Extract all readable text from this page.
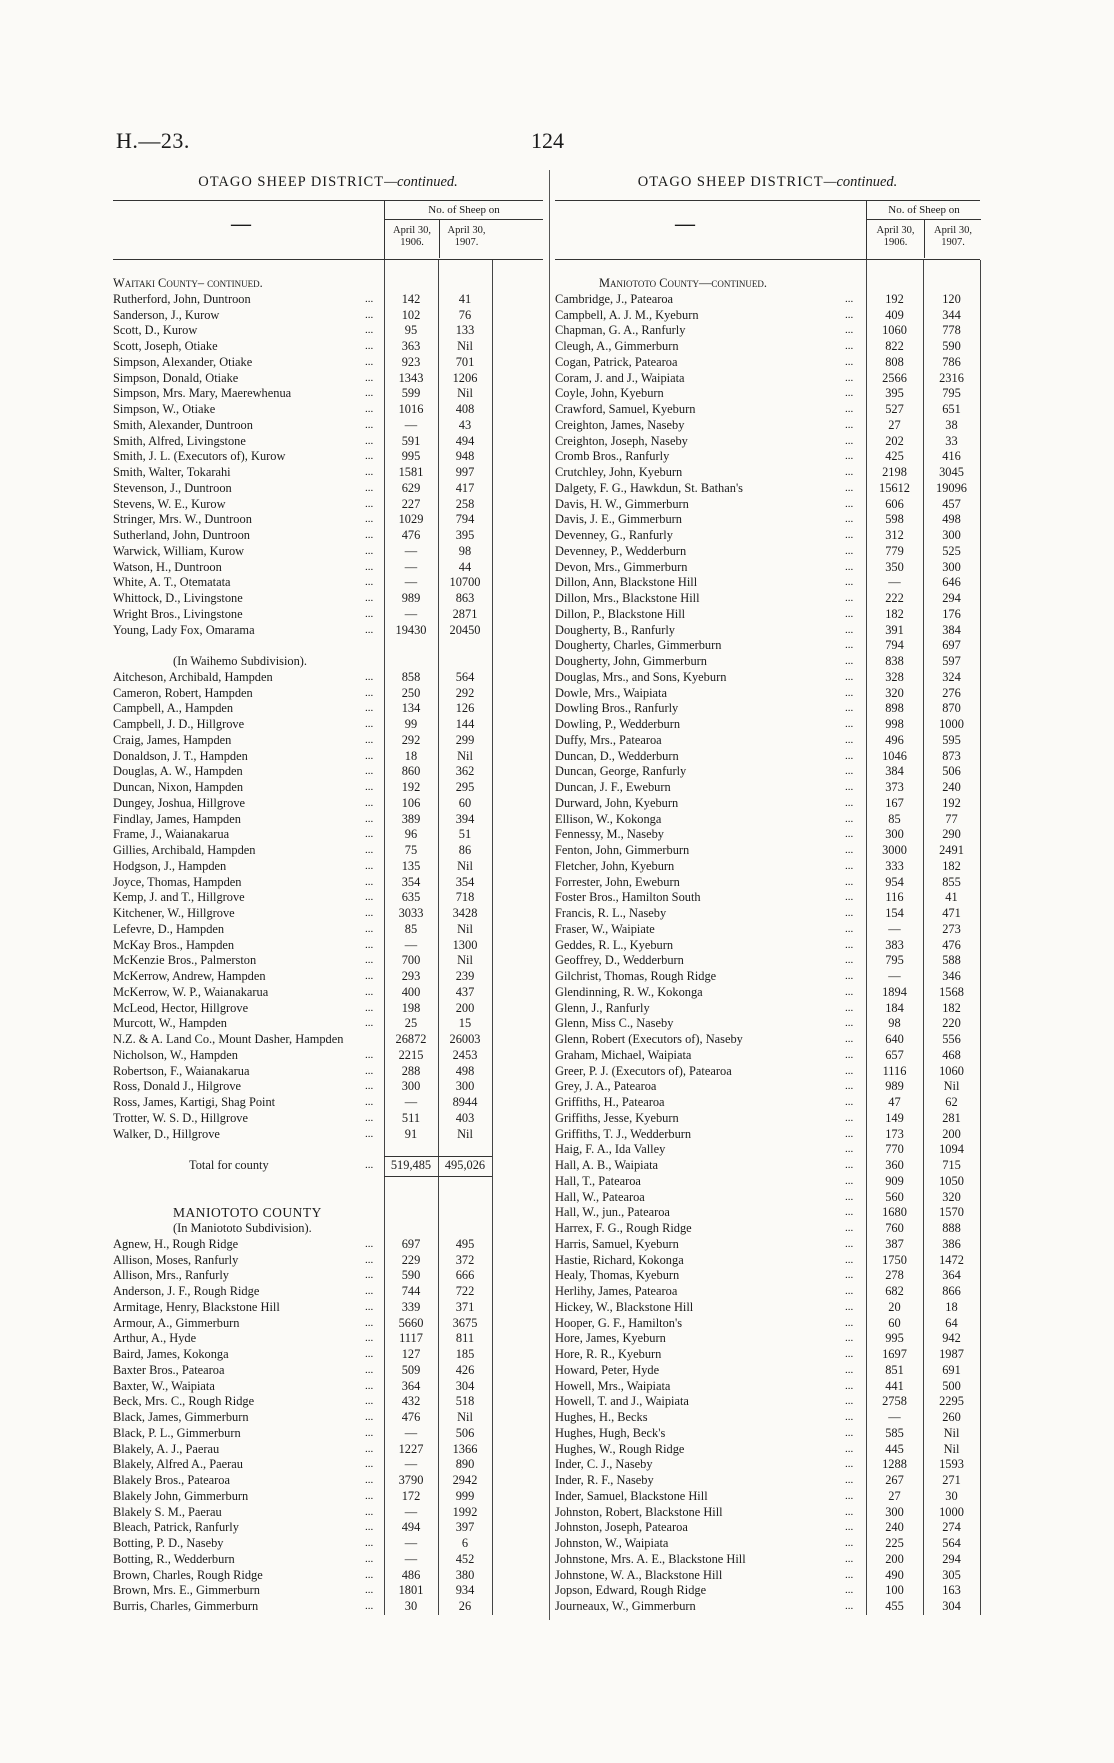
H.—23.	124
OTAGO SHEEP DISTRICT—continued.
—
No. of Sheep on
April 30,
1906.
April 30,
1907.
Waitaki County– continued.
Rutherford, John, Duntroon	...	142	41
Sanderson, J., Kurow	...	102	76
Scott, D., Kurow	...	95	133
Scott, Joseph, Otiake	...	363	Nil
Simpson, Alexander, Otiake	...	923	701
Simpson, Donald, Otiake	...	1343	1206
Simpson, Mrs. Mary, Maerewhenua	...	599	Nil
Simpson, W., Otiake	...	1016	408
Smith, Alexander, Duntroon	...	—	43
Smith, Alfred, Livingstone	...	591	494
Smith, J. L. (Executors of), Kurow	...	995	948
Smith, Walter, Tokarahi	...	1581	997
Stevenson, J., Duntroon	...	629	417
Stevens, W. E., Kurow	...	227	258
Stringer, Mrs. W., Duntroon	...	1029	794
Sutherland, John, Duntroon	...	476	395
Warwick, William, Kurow	...	—	98
Watson, H., Duntroon	...	—	44
White, A. T., Otematata	...	—	10700
Whittock, D., Livingstone	...	989	863
Wright Bros., Livingstone	...	—	2871
Young, Lady Fox, Omarama	...	19430	20450
(In Waihemo Subdivision).
Aitcheson, Archibald, Hampden	...	858	564
Cameron, Robert, Hampden	...	250	292
Campbell, A., Hampden	...	134	126
Campbell, J. D., Hillgrove	...	99	144
Craig, James, Hampden	...	292	299
Donaldson, J. T., Hampden	...	18	Nil
Douglas, A. W., Hampden	...	860	362
Duncan, Nixon, Hampden	...	192	295
Dungey, Joshua, Hillgrove	...	106	60
Findlay, James, Hampden	...	389	394
Frame, J., Waianakarua	...	96	51
Gillies, Archibald, Hampden	...	75	86
Hodgson, J., Hampden	...	135	Nil
Joyce, Thomas, Hampden	...	354	354
Kemp, J. and T., Hillgrove	...	635	718
Kitchener, W., Hillgrove	...	3033	3428
Lefevre, D., Hampden	...	85	Nil
McKay Bros., Hampden	...	—	1300
McKenzie Bros., Palmerston	...	700	Nil
McKerrow, Andrew, Hampden	...	293	239
McKerrow, W. P., Waianakarua	...	400	437
McLeod, Hector, Hillgrove	...	198	200
Murcott, W., Hampden	...	25	15
N.Z. & A. Land Co., Mount Dasher, Hampden	26872	26003
Nicholson, W., Hampden	...	2215	2453
Robertson, F., Waianakarua	...	288	498
Ross, Donald J., Hilgrove	...	300	300
Ross, James, Kartigi, Shag Point	...	—	8944
Trotter, W. S. D., Hillgrove	...	511	403
Walker, D., Hillgrove	...	91	Nil
Total for county	...	519,485	495,026
MANIOTOTO COUNTY
(In Maniototo Subdivision).
Agnew, H., Rough Ridge	...	697	495
Allison, Moses, Ranfurly	...	229	372
Allison, Mrs., Ranfurly	...	590	666
Anderson, J. F., Rough Ridge	...	744	722
Armitage, Henry, Blackstone Hill	...	339	371
Armour, A., Gimmerburn	...	5660	3675
Arthur, A., Hyde	...	1117	811
Baird, James, Kokonga	...	127	185
Baxter Bros., Patearoa	...	509	426
Baxter, W., Waipiata	...	364	304
Beck, Mrs. C., Rough Ridge	...	432	518
Black, James, Gimmerburn	...	476	Nil
Black, P. L., Gimmerburn	...	—	506
Blakely, A. J., Paerau	...	1227	1366
Blakely, Alfred A., Paerau	...	—	890
Blakely Bros., Patearoa	...	3790	2942
Blakely John, Gimmerburn	...	172	999
Blakely S. M., Paerau	...	—	1992
Bleach, Patrick, Ranfurly	...	494	397
Botting, P. D., Naseby	...	—	6
Botting, R., Wedderburn	...	—	452
Brown, Charles, Rough Ridge	...	486	380
Brown, Mrs. E., Gimmerburn	...	1801	934
Burris, Charles, Gimmerburn	...	30	26
OTAGO SHEEP DISTRICT—continued.
—
No. of Sheep on
April 30,
1906.
April 30,
1907.
Maniototo County—continued.
Cambridge, J., Patearoa	...	192	120
Campbell, A. J. M., Kyeburn	...	409	344
Chapman, G. A., Ranfurly	...	1060	778
Cleugh, A., Gimmerburn	...	822	590
Cogan, Patrick, Patearoa	...	808	786
Coram, J. and J., Waipiata	...	2566	2316
Coyle, John, Kyeburn	...	395	795
Crawford, Samuel, Kyeburn	...	527	651
Creighton, James, Naseby	...	27	38
Creighton, Joseph, Naseby	...	202	33
Cromb Bros., Ranfurly	...	425	416
Crutchley, John, Kyeburn	...	2198	3045
Dalgety, F. G., Hawkdun, St. Bathan's	...	15612	19096
Davis, H. W., Gimmerburn	...	606	457
Davis, J. E., Gimmerburn	...	598	498
Devenney, G., Ranfurly	...	312	300
Devenney, P., Wedderburn	...	779	525
Devon, Mrs., Gimmerburn	...	350	300
Dillon, Ann, Blackstone Hill	...	—	646
Dillon, Mrs., Blackstone Hill	...	222	294
Dillon, P., Blackstone Hill	...	182	176
Dougherty, B., Ranfurly	...	391	384
Dougherty, Charles, Gimmerburn	...	794	697
Dougherty, John, Gimmerburn	...	838	597
Douglas, Mrs., and Sons, Kyeburn	...	328	324
Dowle, Mrs., Waipiata	...	320	276
Dowling Bros., Ranfurly	...	898	870
Dowling, P., Wedderburn	...	998	1000
Duffy, Mrs., Patearoa	...	496	595
Duncan, D., Wedderburn	...	1046	873
Duncan, George, Ranfurly	...	384	506
Duncan, J. F., Eweburn	...	373	240
Durward, John, Kyeburn	...	167	192
Ellison, W., Kokonga	...	85	77
Fennessy, M., Naseby	...	300	290
Fenton, John, Gimmerburn	...	3000	2491
Fletcher, John, Kyeburn	...	333	182
Forrester, John, Eweburn	...	954	855
Foster Bros., Hamilton South	...	116	41
Francis, R. L., Naseby	...	154	471
Fraser, W., Waipiate	...	—	273
Geddes, R. L., Kyeburn	...	383	476
Geoffrey, D., Wedderburn	...	795	588
Gilchrist, Thomas, Rough Ridge	...	—	346
Glendinning, R. W., Kokonga	...	1894	1568
Glenn, J., Ranfurly	...	184	182
Glenn, Miss C., Naseby	...	98	220
Glenn, Robert (Executors of), Naseby	...	640	556
Graham, Michael, Waipiata	...	657	468
Greer, P. J. (Executors of), Patearoa	...	1116	1060
Grey, J. A., Patearoa	...	989	Nil
Griffiths, H., Patearoa	...	47	62
Griffiths, Jesse, Kyeburn	...	149	281
Griffiths, T. J., Wedderburn	...	173	200
Haig, F. A., Ida Valley	...	770	1094
Hall, A. B., Waipiata	...	360	715
Hall, T., Patearoa	...	909	1050
Hall, W., Patearoa	...	560	320
Hall, W., jun., Patearoa	...	1680	1570
Harrex, F. G., Rough Ridge	...	760	888
Harris, Samuel, Kyeburn	...	387	386
Hastie, Richard, Kokonga	...	1750	1472
Healy, Thomas, Kyeburn	...	278	364
Herlihy, James, Patearoa	...	682	866
Hickey, W., Blackstone Hill	...	20	18
Hooper, G. F., Hamilton's	...	60	64
Hore, James, Kyeburn	...	995	942
Hore, R. R., Kyeburn	...	1697	1987
Howard, Peter, Hyde	...	851	691
Howell, Mrs., Waipiata	...	441	500
Howell, T. and J., Waipiata	...	2758	2295
Hughes, H., Becks	...	—	260
Hughes, Hugh, Beck's	...	585	Nil
Hughes, W., Rough Ridge	...	445	Nil
Inder, C. J., Naseby	...	1288	1593
Inder, R. F., Naseby	...	267	271
Inder, Samuel, Blackstone Hill	...	27	30
Johnston, Robert, Blackstone Hill	...	300	1000
Johnston, Joseph, Patearoa	...	240	274
Johnston, W., Waipiata	...	225	564
Johnstone, Mrs. A. E., Blackstone Hill	...	200	294
Johnstone, W. A., Blackstone Hill	...	490	305
Jopson, Edward, Rough Ridge	...	100	163
Journeaux, W., Gimmerburn	...	455	304
